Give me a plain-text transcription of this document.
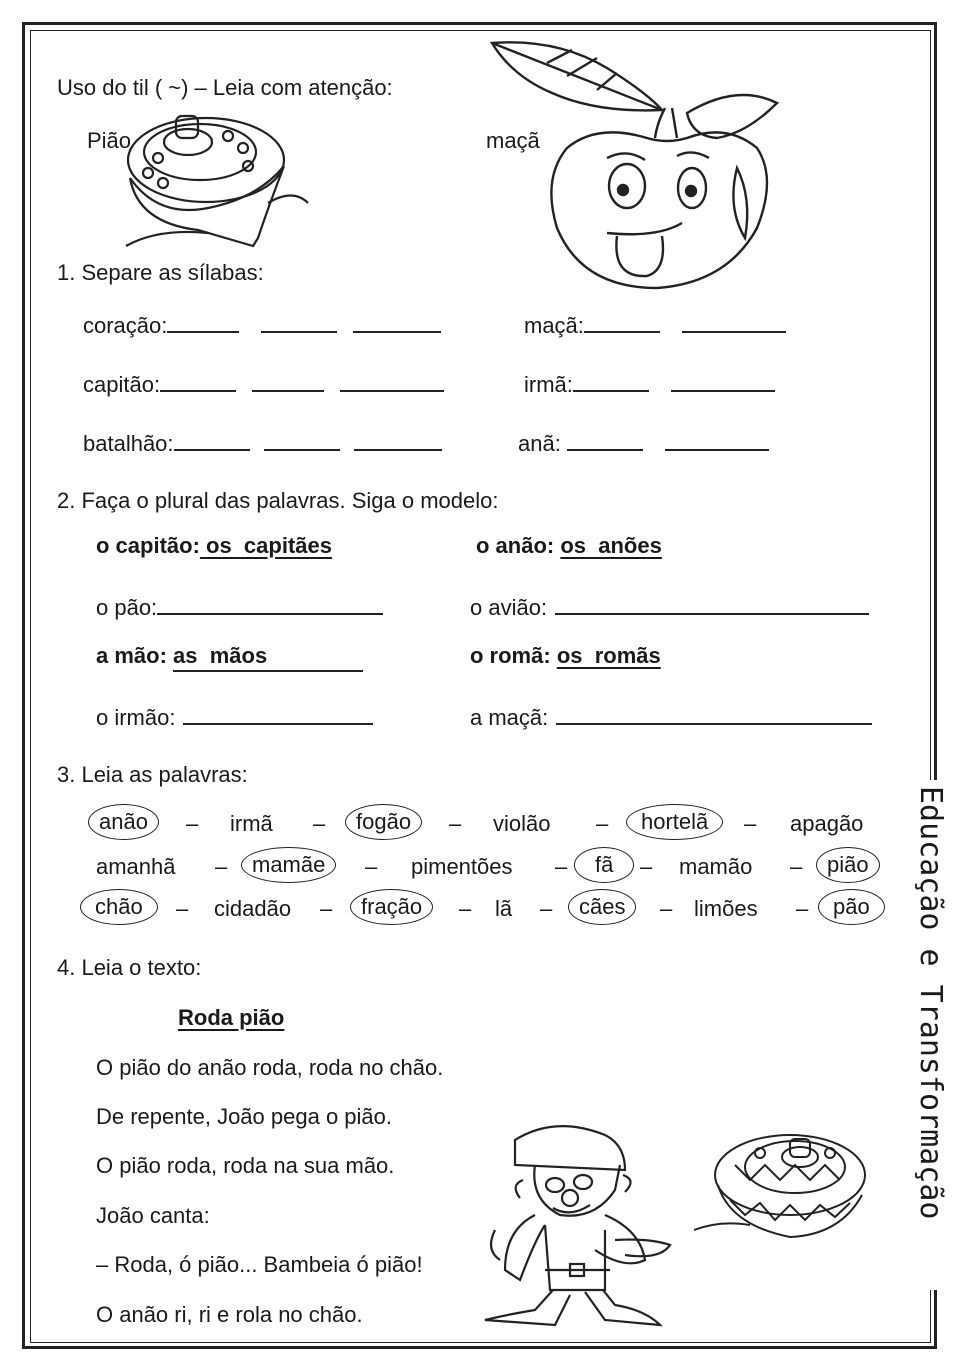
Uso do til ( ~) – Leia com atenção:
Pião	maçã
1. Separe as sílabas:
coração:	maçã:
capitão:	irmã:
batalhão:	anã:
2. Faça o plural das palavras. Siga o modelo:
o capitão: os  capitães	o anão: os  anões
o pão:	o avião:
a mão: as  mãos	o romã: os  romãs
o irmão:	a maçã:
3. Leia as palavras:
anão	– irmã –	fogão	– violão –	hortelã	– apagão
amanhã –	mamãe	– pimentões –	fã	– mamão –	pião
chão	– cidadão –	fração	– lã –	cães	– limões –	pão
4. Leia o texto:
Roda pião
O pião do anão roda, roda no chão.
De repente, João pega o pião.
O pião roda, roda na sua mão.
João canta:
– Roda, ó pião... Bambeia ó pião!
O anão ri, ri e rola no chão.
Educação e Transformação
